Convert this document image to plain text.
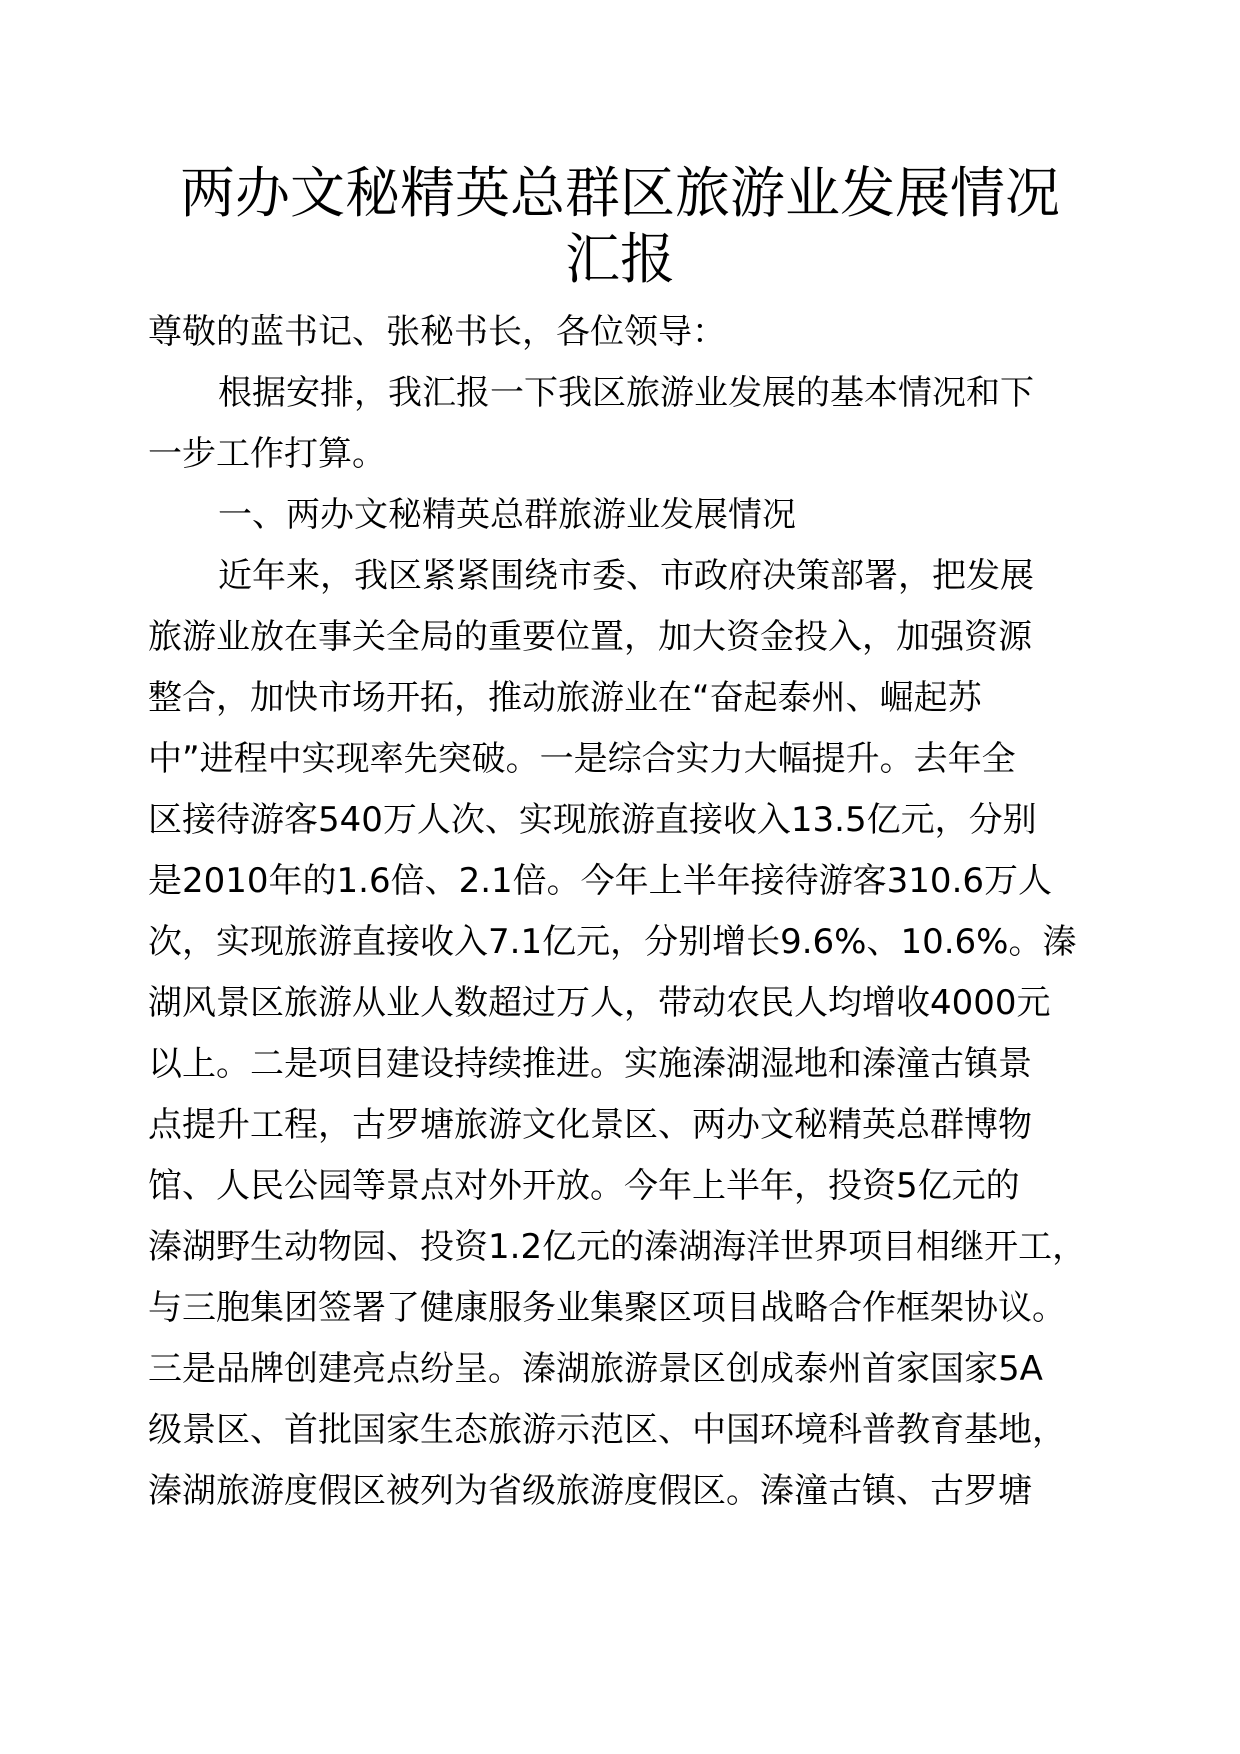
两办文秘精英总群区旅游业发展情况
汇报
尊敬的蓝书记、张秘书长，各位领导：
根据安排，我汇报一下我区旅游业发展的基本情况和下
一步工作打算。
一、两办文秘精英总群旅游业发展情况
近年来，我区紧紧围绕市委、市政府决策部署，把发展
旅游业放在事关全局的重要位置，加大资金投入，加强资源
整合，加快市场开拓，推动旅游业在“奋起泰州、崛起苏
中”进程中实现率先突破。一是综合实力大幅提升。去年全
区接待游客540万人次、实现旅游直接收入13.5亿元，分别
是2010年的1.6倍、2.1倍。今年上半年接待游客310.6万人
次，实现旅游直接收入7.1亿元，分别增长9.6%、10.6%。溱
湖风景区旅游从业人数超过万人，带动农民人均增收4000元
以上。二是项目建设持续推进。实施溱湖湿地和溱潼古镇景
点提升工程，古罗塘旅游文化景区、两办文秘精英总群博物
馆、人民公园等景点对外开放。今年上半年，投资5亿元的
溱湖野生动物园、投资1.2亿元的溱湖海洋世界项目相继开工，
与三胞集团签署了健康服务业集聚区项目战略合作框架协议。
三是品牌创建亮点纷呈。溱湖旅游景区创成泰州首家国家5A
级景区、首批国家生态旅游示范区、中国环境科普教育基地，
溱湖旅游度假区被列为省级旅游度假区。溱潼古镇、古罗塘
